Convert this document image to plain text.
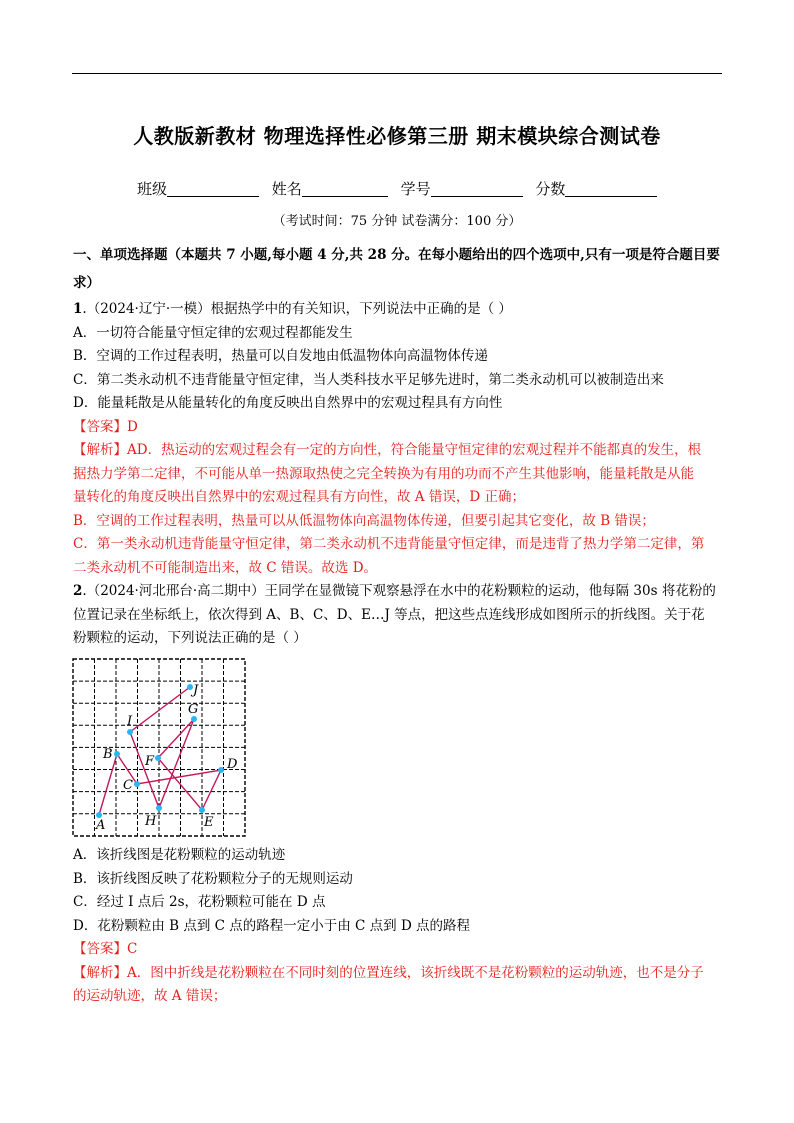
人教版新教材 物理选择性必修第三册 期末模块综合测试卷
班级	姓名	学号	分数
（考试时间：75 分钟 试卷满分：100 分）
一、单项选择题（本题共 7 小题,每小题 4 分,共 28 分。在每小题给出的四个选项中,只有一项是符合题目要
求）
1.（2024·辽宁·一模）根据热学中的有关知识，下列说法中正确的是（ ）
A．一切符合能量守恒定律的宏观过程都能发生
B．空调的工作过程表明，热量可以自发地由低温物体向高温物体传递
C．第二类永动机不违背能量守恒定律，当人类科技水平足够先进时，第二类永动机可以被制造出来
D．能量耗散是从能量转化的角度反映出自然界中的宏观过程具有方向性
【答案】D
【解析】AD．热运动的宏观过程会有一定的方向性，符合能量守恒定律的宏观过程并不能都真的发生，根
据热力学第二定律，不可能从单一热源取热使之完全转换为有用的功而不产生其他影响，能量耗散是从能
量转化的角度反映出自然界中的宏观过程具有方向性，故 A 错误，D 正确；
B．空调的工作过程表明，热量可以从低温物体向高温物体传递，但要引起其它变化，故 B 错误；
C．第一类永动机违背能量守恒定律，第二类永动机不违背能量守恒定律，而是违背了热力学第二定律，第
二类永动机不可能制造出来，故 C 错误。故选 D。
2.（2024·河北邢台·高二期中）王同学在显微镜下观察悬浮在水中的花粉颗粒的运动，他每隔 30s 将花粉的
位置记录在坐标纸上，依次得到 A、B、C、D、E…J 等点，把这些点连线形成如图所示的折线图。关于花
粉颗粒的运动，下列说法正确的是（ ）
A
B
C
D
E
F
G
H
I
J
A．该折线图是花粉颗粒的运动轨迹
B．该折线图反映了花粉颗粒分子的无规则运动
C．经过 I 点后 2s，花粉颗粒可能在 D 点
D．花粉颗粒由 B 点到 C 点的路程一定小于由 C 点到 D 点的路程
【答案】C
【解析】A．图中折线是花粉颗粒在不同时刻的位置连线，该折线既不是花粉颗粒的运动轨迹，也不是分子
的运动轨迹，故 A 错误；
